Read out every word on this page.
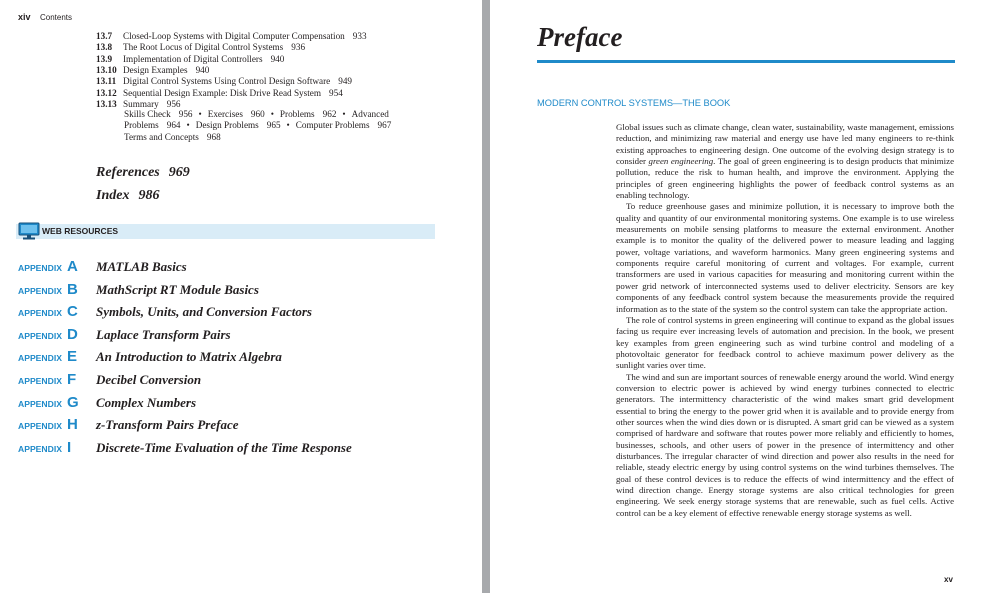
xiv Contents
13.7 Closed-Loop Systems with Digital Computer Compensation 933
13.8 The Root Locus of Digital Control Systems 936
13.9 Implementation of Digital Controllers 940
13.10 Design Examples 940
13.11 Digital Control Systems Using Control Design Software 949
13.12 Sequential Design Example: Disk Drive Read System 954
13.13 Summary 956
Skills Check 956 • Exercises 960 • Problems 962 • Advanced
Problems 964 • Design Problems 965 • Computer Problems 967
Terms and Concepts 968
References 969
Index 986
WEB RESOURCES
APPENDIX A MATLAB Basics
APPENDIX B MathScript RT Module Basics
APPENDIX C Symbols, Units, and Conversion Factors
APPENDIX D Laplace Transform Pairs
APPENDIX E An Introduction to Matrix Algebra
APPENDIX F Decibel Conversion
APPENDIX G Complex Numbers
APPENDIX H z-Transform Pairs Preface
APPENDIX I Discrete-Time Evaluation of the Time Response
Preface
MODERN CONTROL SYSTEMS—THE BOOK

Global issues such as climate change, clean water, sustainability, waste management, emissions reduction, and minimizing raw material and energy use have led many engineers to re-think existing approaches to engineering design. One outcome of the evolving design strategy is to consider green engineering. The goal of green engineering is to design products that minimize pollution, reduce the risk to human health, and improve the environment. Applying the principles of green engineering highlights the power of feedback control systems as an enabling technology.

To reduce greenhouse gases and minimize pollution, it is necessary to improve both the quality and quantity of our environmental monitoring systems. One example is to use wireless measurements on mobile sensing platforms to measure the external environment. Another example is to monitor the quality of the delivered power to measure leading and lagging power, voltage variations, and waveform harmonics. Many green engineering systems and components require careful monitoring of current and voltages. For example, current transformers are used in various capacities for measuring and monitoring current within the power grid network of interconnected systems used to deliver electricity. Sensors are key components of any feedback control system because the measurements provide the required information as to the state of the system so the control system can take the appropriate action.

The role of control systems in green engineering will continue to expand as the global issues facing us require ever increasing levels of automation and precision. In the book, we present key examples from green engineering such as wind turbine control and modeling of a photovoltaic generator for feedback control to achieve maximum power delivery as the sunlight varies over time.

The wind and sun are important sources of renewable energy around the world. Wind energy conversion to electric power is achieved by wind energy turbines connected to electric generators. The intermittency characteristic of the wind makes smart grid development essential to bring the energy to the power grid when it is available and to provide energy from other sources when the wind dies down or is disrupted. A smart grid can be viewed as a system comprised of hardware and software that routes power more reliably and efficiently to homes, businesses, schools, and other users of power in the presence of intermittency and other disturbances. The irregular character of wind direction and power also results in the need for reliable, steady electric energy by using control systems on the wind turbines themselves. The goal of these control devices is to reduce the effects of wind intermittency and the effect of wind direction change. Energy storage systems are also critical technologies for green engineering. We seek energy storage systems that are renewable, such as fuel cells. Active control can be a key element of effective renewable energy storage systems as well.

xv
